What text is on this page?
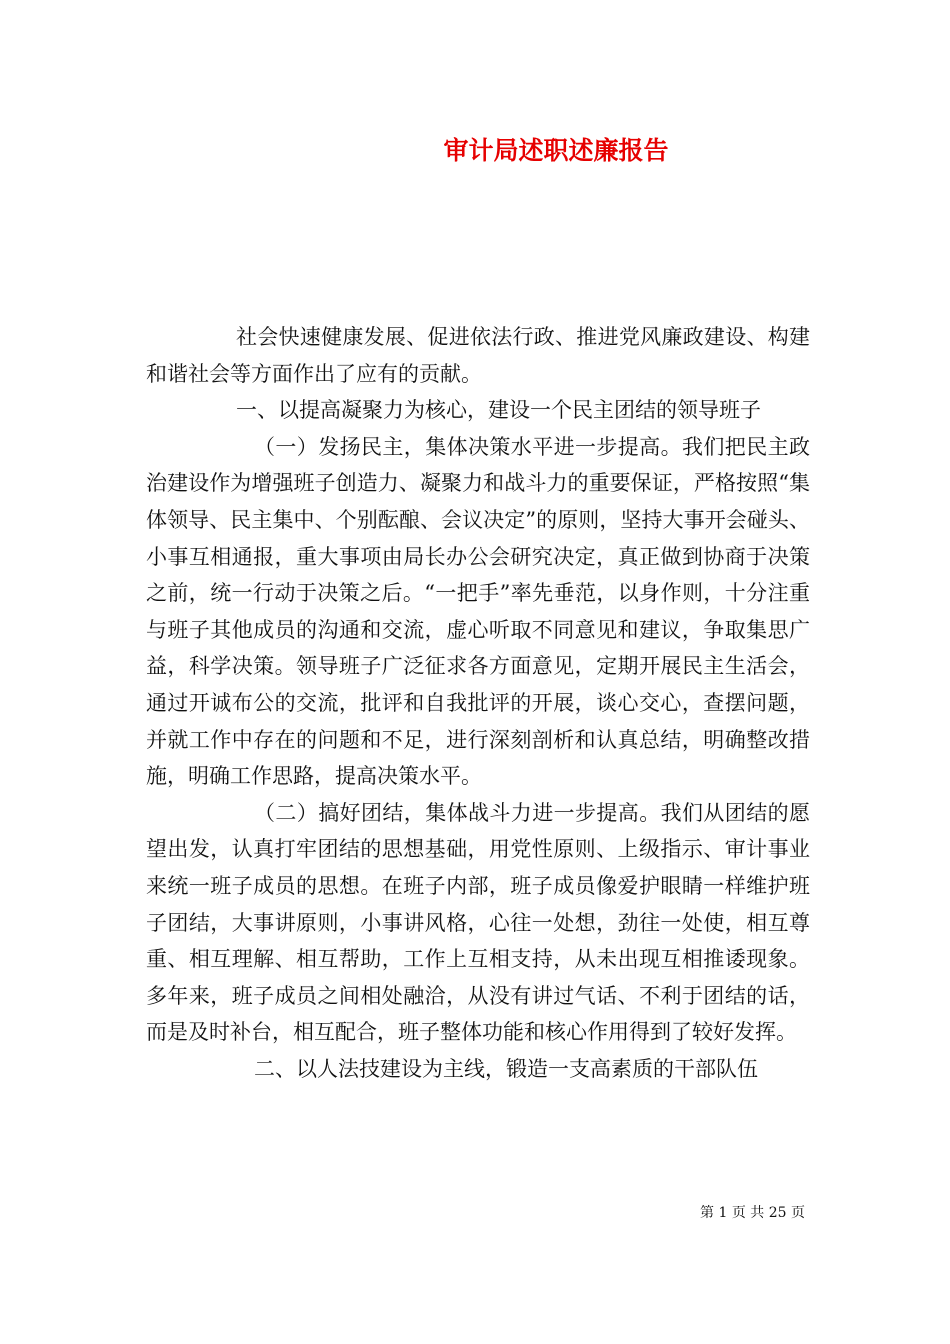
审计局述职述廉报告

社会快速健康发展、促进依法行政、推进党风廉政建设、构建和谐社会等方面作出了应有的贡献。

一、以提高凝聚力为核心，建设一个民主团结的领导班子

（一）发扬民主，集体决策水平进一步提高。我们把民主政治建设作为增强班子创造力、凝聚力和战斗力的重要保证，严格按照“集体领导、民主集中、个别酝酿、会议决定”的原则，坚持大事开会碰头、小事互相通报，重大事项由局长办公会研究决定，真正做到协商于决策之前，统一行动于决策之后。“一把手”率先垂范，以身作则，十分注重与班子其他成员的沟通和交流，虚心听取不同意见和建议，争取集思广益，科学决策。领导班子广泛征求各方面意见，定期开展民主生活会，通过开诚布公的交流，批评和自我批评的开展，谈心交心，查摆问题，并就工作中存在的问题和不足，进行深刻剖析和认真总结，明确整改措施，明确工作思路，提高决策水平。

（二）搞好团结，集体战斗力进一步提高。我们从团结的愿望出发，认真打牢团结的思想基础，用党性原则、上级指示、审计事业来统一班子成员的思想。在班子内部，班子成员像爱护眼睛一样维护班子团结，大事讲原则，小事讲风格，心往一处想，劲往一处使，相互尊重、相互理解、相互帮助，工作上互相支持，从未出现互相推诿现象。多年来，班子成员之间相处融洽，从没有讲过气话、不利于团结的话，而是及时补台，相互配合，班子整体功能和核心作用得到了较好发挥。

二、以人法技建设为主线，锻造一支高素质的干部队伍

第 1 页 共 25 页
